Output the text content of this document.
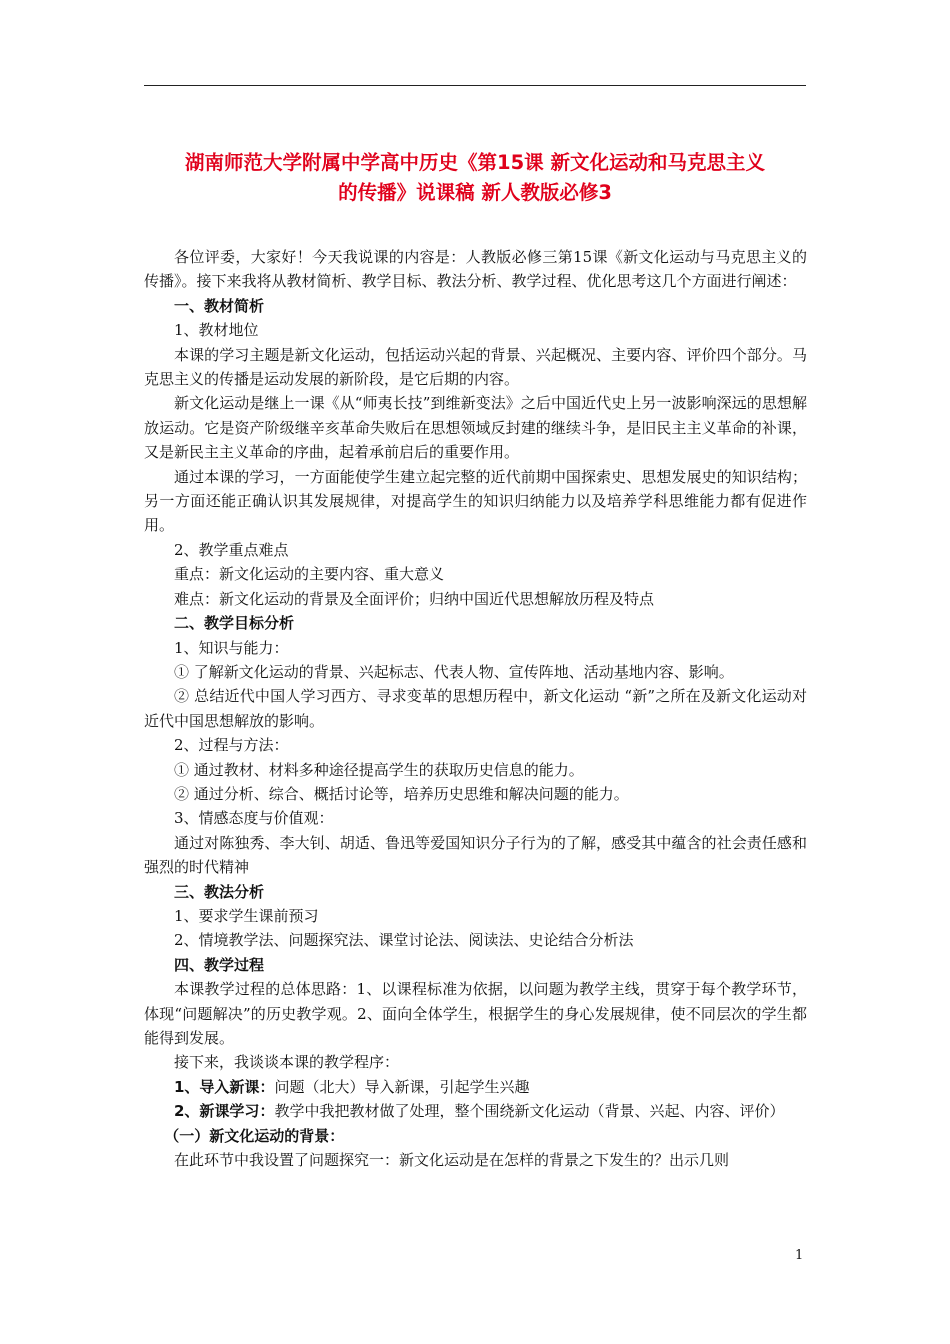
湖南师范大学附属中学高中历史《第15课 新文化运动和马克思主义
的传播》说课稿 新人教版必修3

各位评委，大家好！今天我说课的内容是：人教版必修三第15课《新文化运动与马克思主义的传播》。接下来我将从教材简析、教学目标、教法分析、教学过程、优化思考这几个方面进行阐述：

一、教材简析

1、教材地位

本课的学习主题是新文化运动，包括运动兴起的背景、兴起概况、主要内容、评价四个部分。马克思主义的传播是运动发展的新阶段，是它后期的内容。

新文化运动是继上一课《从“师夷长技”到维新变法》之后中国近代史上另一波影响深远的思想解放运动。它是资产阶级继辛亥革命失败后在思想领域反封建的继续斗争，是旧民主主义革命的补课，又是新民主主义革命的序曲，起着承前启后的重要作用。

通过本课的学习，一方面能使学生建立起完整的近代前期中国探索史、思想发展史的知识结构；另一方面还能正确认识其发展规律，对提高学生的知识归纳能力以及培养学科思维能力都有促进作用。

2、教学重点难点

重点：新文化运动的主要内容、重大意义

难点：新文化运动的背景及全面评价；归纳中国近代思想解放历程及特点

二、教学目标分析

1、知识与能力：

① 了解新文化运动的背景、兴起标志、代表人物、宣传阵地、活动基地内容、影响。

② 总结近代中国人学习西方、寻求变革的思想历程中，新文化运动 “新”之所在及新文化运动对近代中国思想解放的影响。

2、过程与方法：

① 通过教材、材料多种途径提高学生的获取历史信息的能力。

② 通过分析、综合、概括讨论等，培养历史思维和解决问题的能力。

3、情感态度与价值观：

通过对陈独秀、李大钊、胡适、鲁迅等爱国知识分子行为的了解，感受其中蕴含的社会责任感和强烈的时代精神

三、教法分析

1、要求学生课前预习

2、情境教学法、问题探究法、课堂讨论法、阅读法、史论结合分析法

四、教学过程

本课教学过程的总体思路：1、以课程标准为依据，以问题为教学主线，贯穿于每个教学环节，体现“问题解决”的历史教学观。2、面向全体学生，根据学生的身心发展规律，使不同层次的学生都能得到发展。

接下来，我谈谈本课的教学程序：

1、导入新课：问题（北大）导入新课，引起学生兴趣

2、新课学习：教学中我把教材做了处理，整个围绕新文化运动（背景、兴起、内容、评价）

（一）新文化运动的背景：

在此环节中我设置了问题探究一：新文化运动是在怎样的背景之下发生的？出示几则

1
